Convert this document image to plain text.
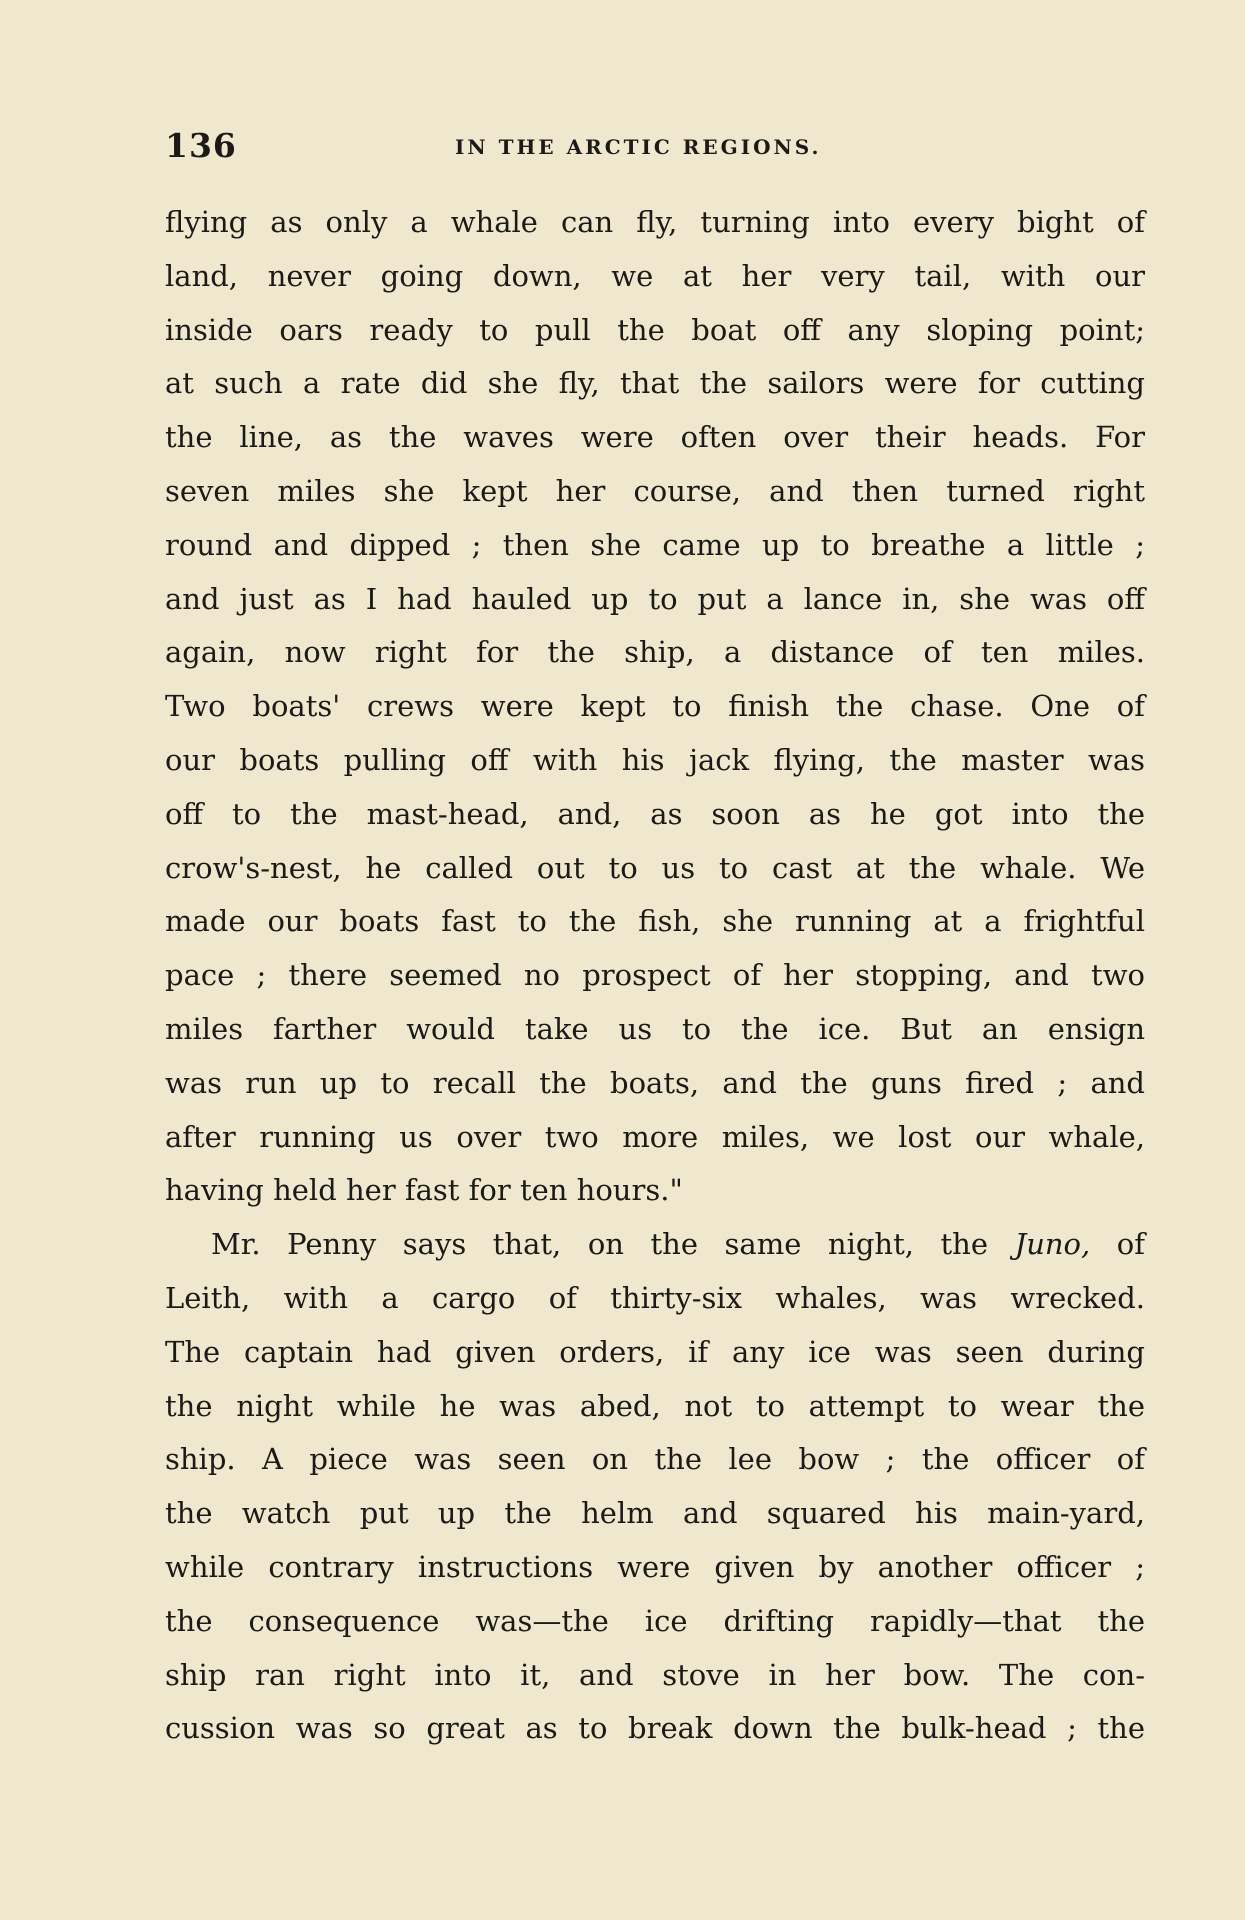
136	IN THE ARCTIC REGIONS.
flying as only a whale can fly, turning into every bight of
land, never going down, we at her very tail, with our
inside oars ready to pull the boat off any sloping point;
at such a rate did she fly, that the sailors were for cutting
the line, as the waves were often over their heads. For
seven miles she kept her course, and then turned right
round and dipped ; then she came up to breathe a little ;
and just as I had hauled up to put a lance in, she was off
again, now right for the ship, a distance of ten miles.
Two boats' crews were kept to finish the chase. One of
our boats pulling off with his jack flying, the master was
off to the mast-head, and, as soon as he got into the
crow's-nest, he called out to us to cast at the whale. We
made our boats fast to the fish, she running at a frightful
pace ; there seemed no prospect of her stopping, and two
miles farther would take us to the ice. But an ensign
was run up to recall the boats, and the guns fired ; and
after running us over two more miles, we lost our whale,
having held her fast for ten hours."
Mr. Penny says that, on the same night, the Juno, of
Leith, with a cargo of thirty-six whales, was wrecked.
The captain had given orders, if any ice was seen during
the night while he was abed, not to attempt to wear the
ship. A piece was seen on the lee bow ; the officer of
the watch put up the helm and squared his main-yard,
while contrary instructions were given by another officer ;
the consequence was—the ice drifting rapidly—that the
ship ran right into it, and stove in her bow. The con-
cussion was so great as to break down the bulk-head ; the
